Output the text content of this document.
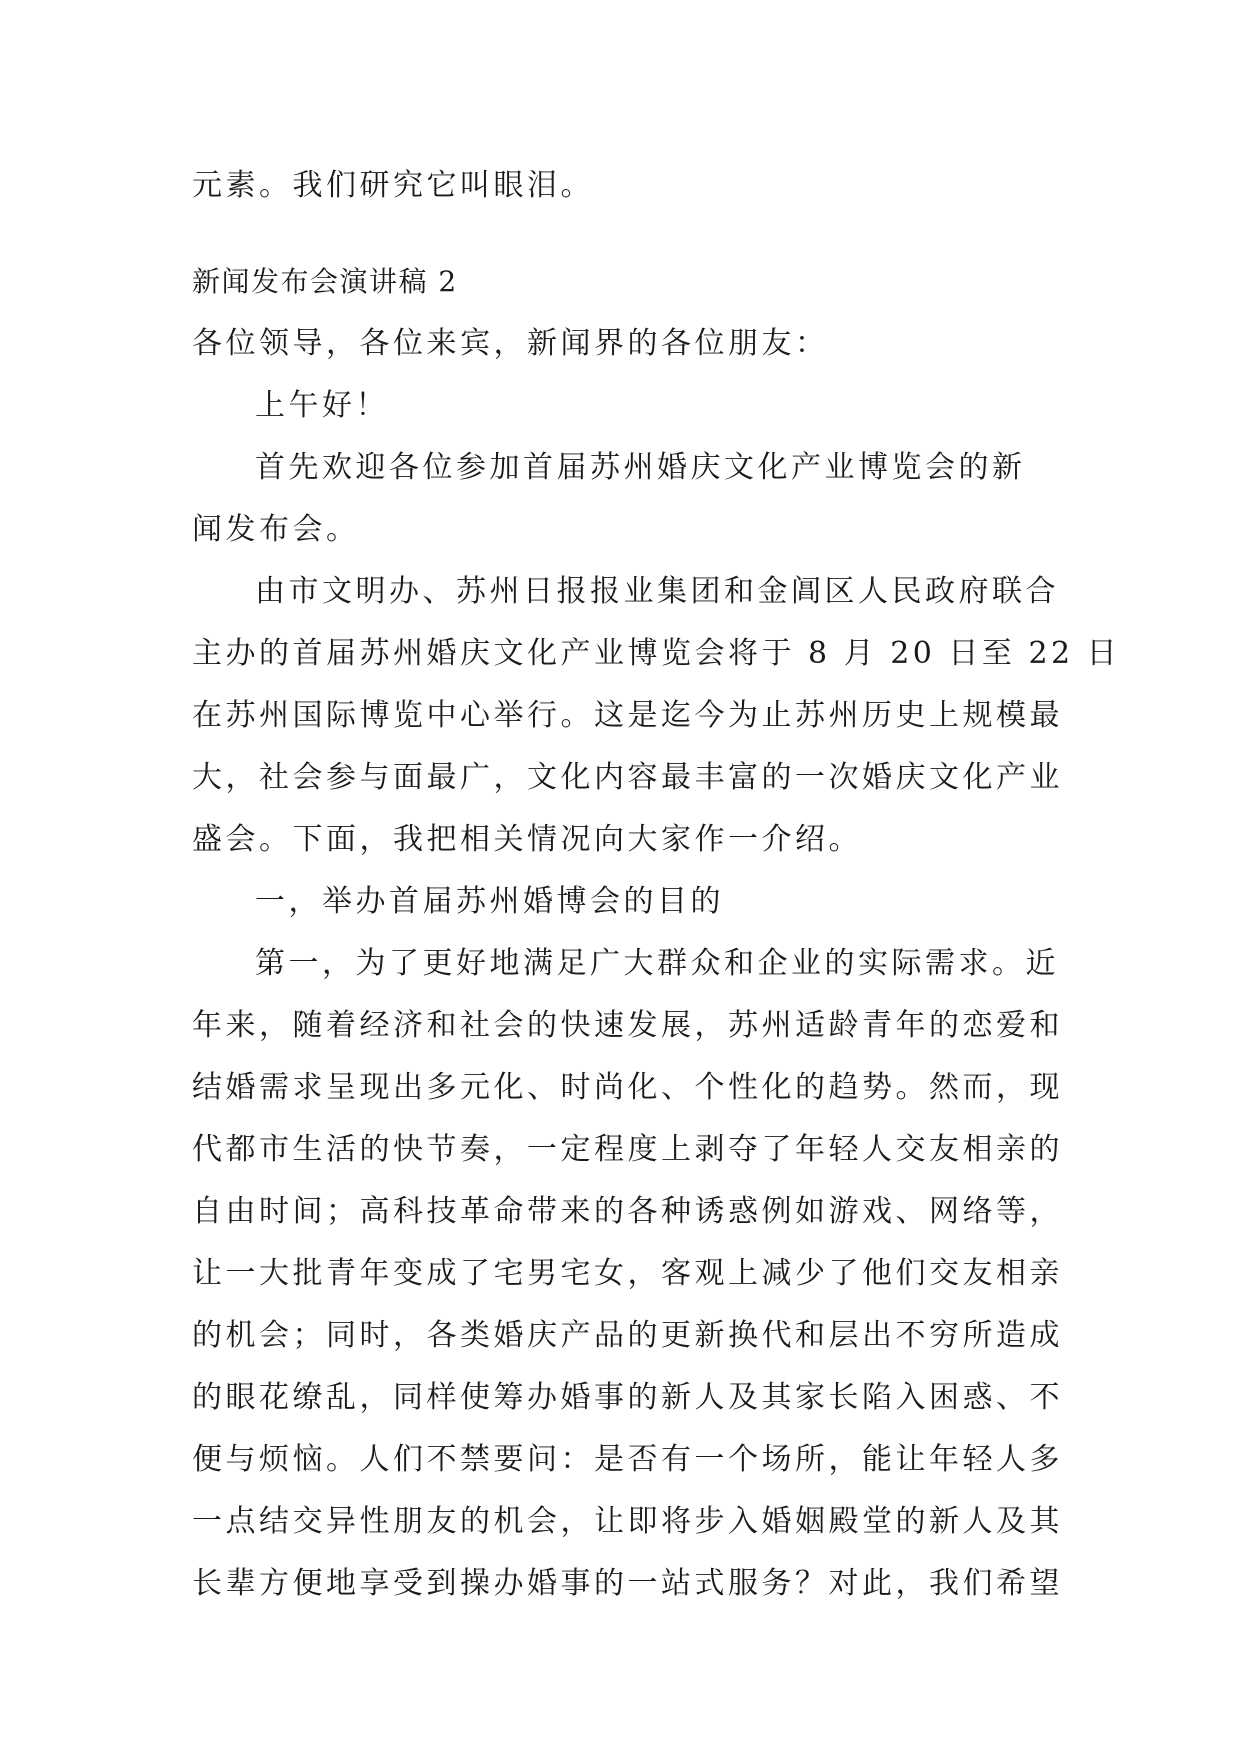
元素。我们研究它叫眼泪。

新闻发布会演讲稿 2

各位领导，各位来宾，新闻界的各位朋友：

上午好！

首先欢迎各位参加首届苏州婚庆文化产业博览会的新

闻发布会。

由市文明办、苏州日报报业集团和金阊区人民政府联合

主办的首届苏州婚庆文化产业博览会将于 8 月 20 日至 22 日

在苏州国际博览中心举行。这是迄今为止苏州历史上规模最

大，社会参与面最广，文化内容最丰富的一次婚庆文化产业

盛会。下面，我把相关情况向大家作一介绍。

一，举办首届苏州婚博会的目的

第一，为了更好地满足广大群众和企业的实际需求。近

年来，随着经济和社会的快速发展，苏州适龄青年的恋爱和

结婚需求呈现出多元化、时尚化、个性化的趋势。然而，现

代都市生活的快节奏，一定程度上剥夺了年轻人交友相亲的

自由时间；高科技革命带来的各种诱惑例如游戏、网络等，

让一大批青年变成了宅男宅女，客观上减少了他们交友相亲

的机会；同时，各类婚庆产品的更新换代和层出不穷所造成

的眼花缭乱，同样使筹办婚事的新人及其家长陷入困惑、不

便与烦恼。人们不禁要问：是否有一个场所，能让年轻人多

一点结交异性朋友的机会，让即将步入婚姻殿堂的新人及其

长辈方便地享受到操办婚事的一站式服务？对此，我们希望
